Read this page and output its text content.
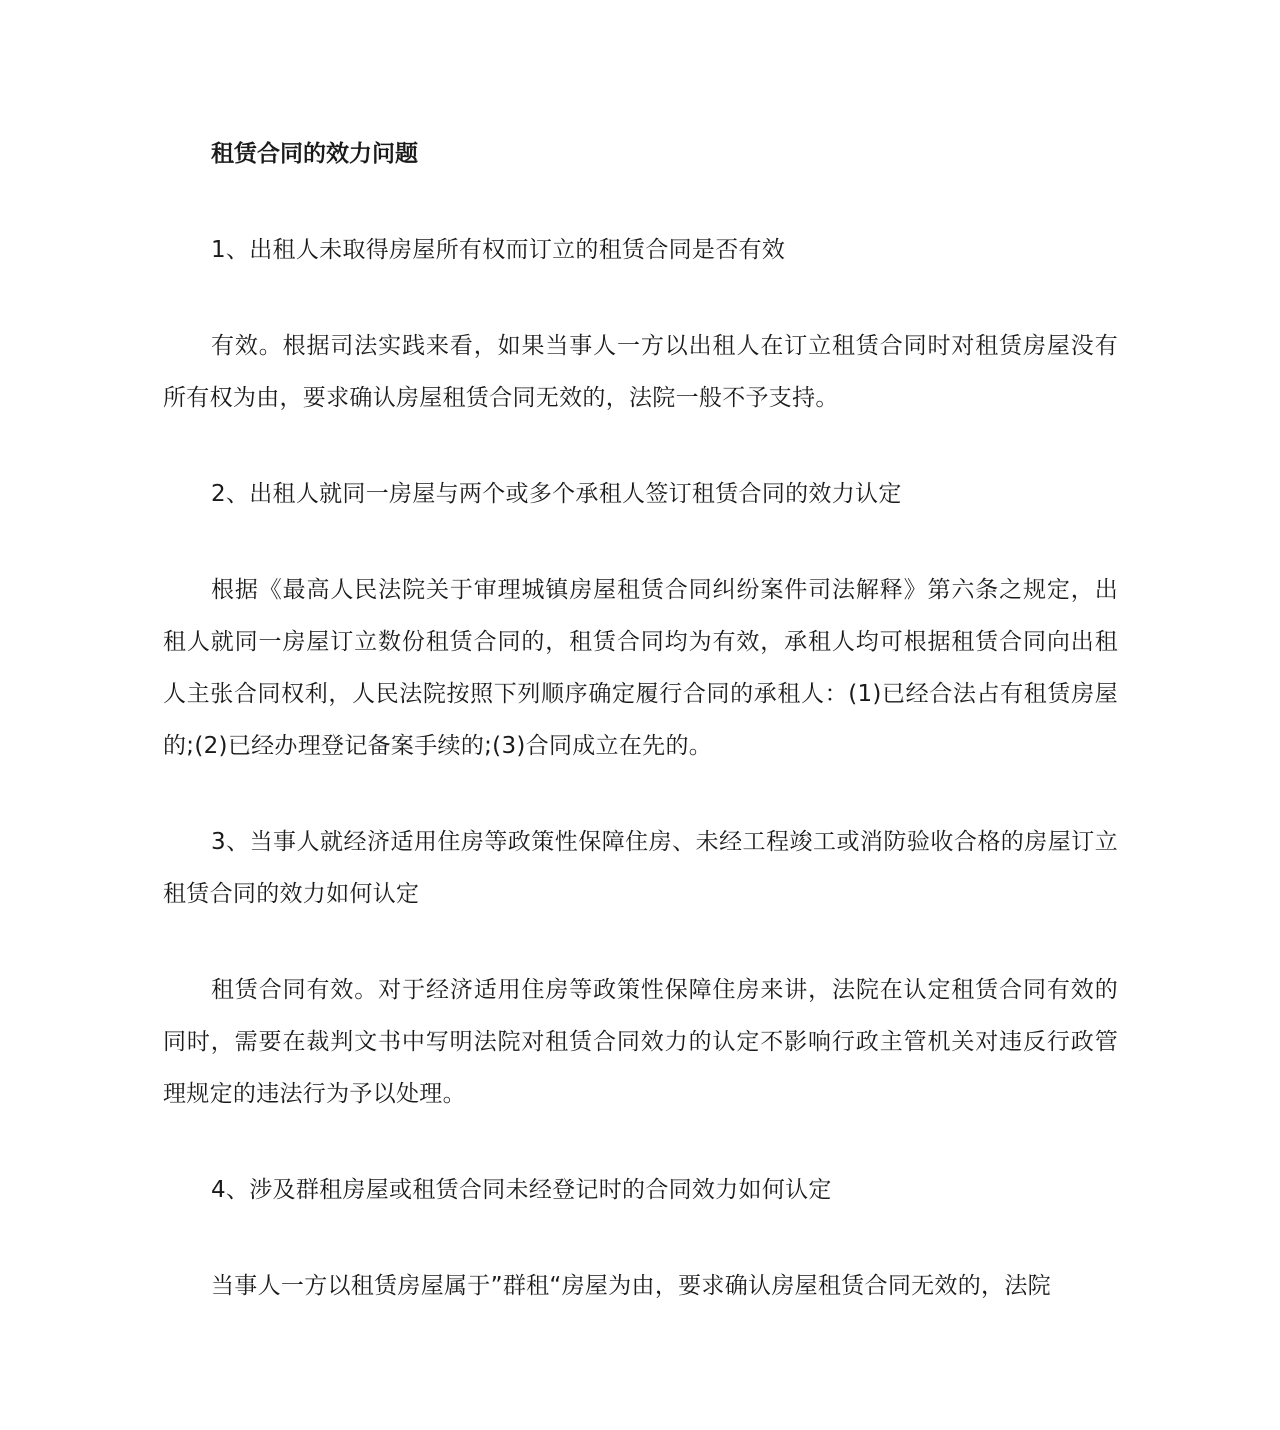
租赁合同的效力问题

1、出租人未取得房屋所有权而订立的租赁合同是否有效

有效。根据司法实践来看，如果当事人一方以出租人在订立租赁合同时对租赁房屋没有所有权为由，要求确认房屋租赁合同无效的，法院一般不予支持。

2、出租人就同一房屋与两个或多个承租人签订租赁合同的效力认定

根据《最高人民法院关于审理城镇房屋租赁合同纠纷案件司法解释》第六条之规定，出租人就同一房屋订立数份租赁合同的，租赁合同均为有效，承租人均可根据租赁合同向出租人主张合同权利，人民法院按照下列顺序确定履行合同的承租人：(1)已经合法占有租赁房屋的;(2)已经办理登记备案手续的;(3)合同成立在先的。

3、当事人就经济适用住房等政策性保障住房、未经工程竣工或消防验收合格的房屋订立租赁合同的效力如何认定

租赁合同有效。对于经济适用住房等政策性保障住房来讲，法院在认定租赁合同有效的同时，需要在裁判文书中写明法院对租赁合同效力的认定不影响行政主管机关对违反行政管理规定的违法行为予以处理。

4、涉及群租房屋或租赁合同未经登记时的合同效力如何认定

当事人一方以租赁房屋属于”群租“房屋为由，要求确认房屋租赁合同无效的，法院
